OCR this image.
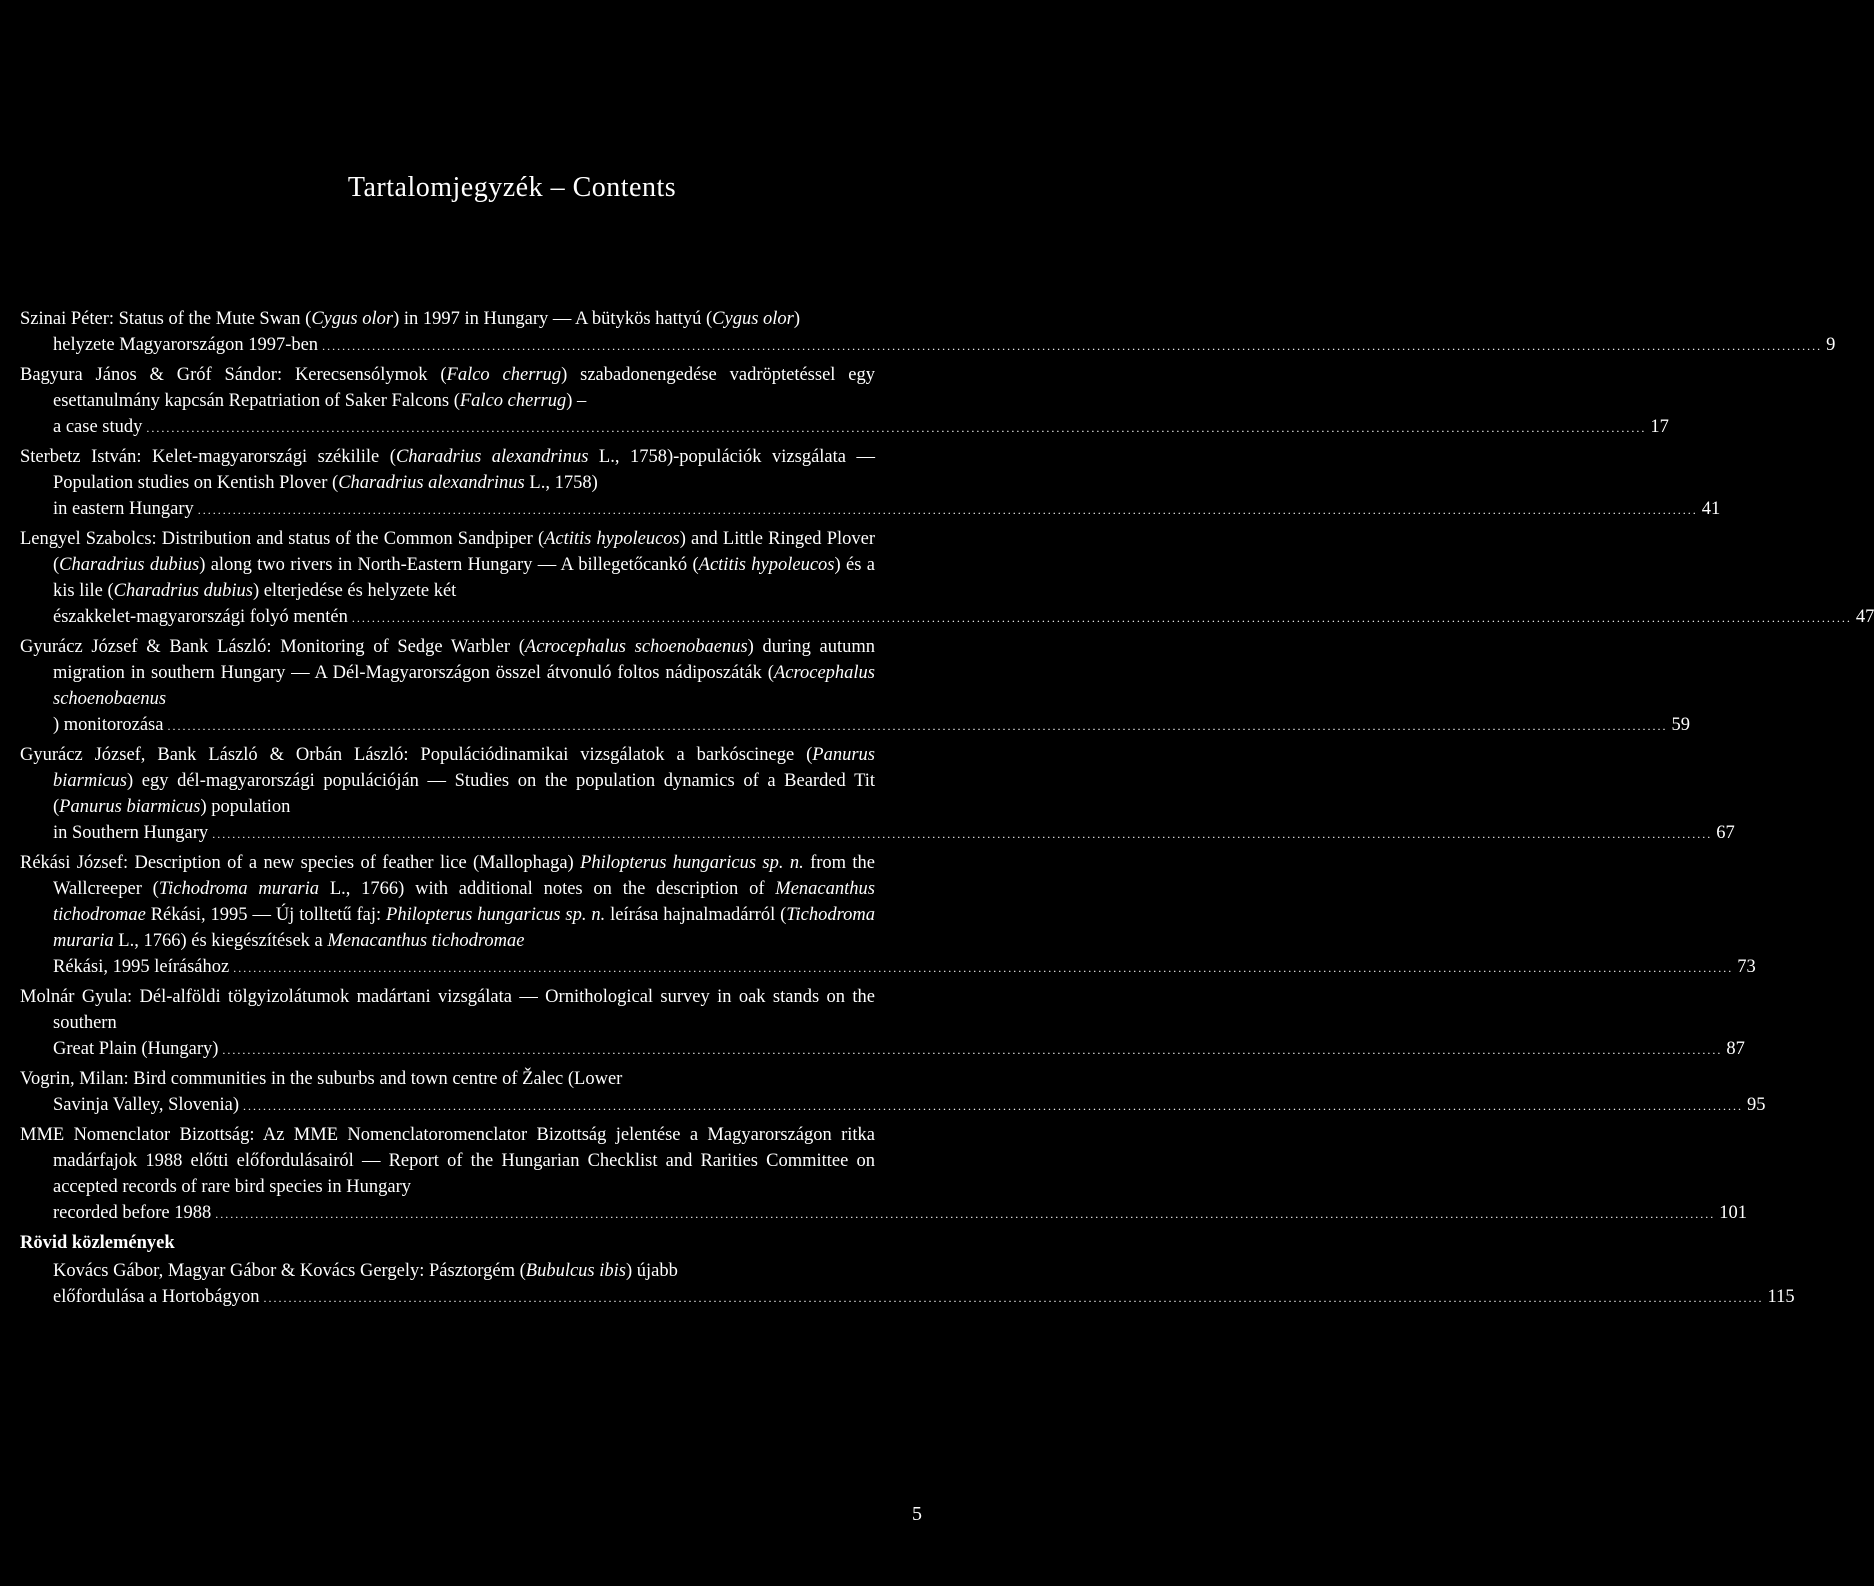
Tartalomjegyzék – Contents
Szinai Péter: Status of the Mute Swan (Cygus olor) in 1997 in Hungary — A bütykös hattyú (Cygus olor)
helyzete Magyarországon 1997-ben ............................................................................................................................................................................................................................................................................................................ 9
Bagyura János & Gróf Sándor: Kerecsensólymok (Falco cherrug) szabadonengedése vadröptetéssel egy esettanulmány kapcsán Repatriation of Saker Falcons (Falco cherrug) –
a case study ............................................................................................................................................................................................................................................................................................................ 17
Sterbetz István: Kelet-magyarországi székilile (Charadrius alexandrinus L., 1758)-populációk vizsgálata — Population studies on Kentish Plover (Charadrius alexandrinus L., 1758)
in eastern Hungary ............................................................................................................................................................................................................................................................................................................ 41
Lengyel Szabolcs: Distribution and status of the Common Sandpiper (Actitis hypoleucos) and Little Ringed Plover (Charadrius dubius) along two rivers in North-Eastern Hungary — A billegetőcankó (Actitis hypoleucos) és a kis lile (Charadrius dubius) elterjedése és helyzete két
északkelet-magyarországi folyó mentén ............................................................................................................................................................................................................................................................................................................ 47
Gyurácz József & Bank László: Monitoring of Sedge Warbler (Acrocephalus schoenobaenus) during autumn migration in southern Hungary — A Dél-Magyarországon összel átvonuló foltos nádiposzáták (Acrocephalus schoenobaenus
) monitorozása ............................................................................................................................................................................................................................................................................................................ 59
Gyurácz József, Bank László & Orbán László: Populációdinamikai vizsgálatok a barkóscinege (Panurus biarmicus) egy dél-magyarországi populációján — Studies on the population dynamics of a Bearded Tit (Panurus biarmicus) population
in Southern Hungary ............................................................................................................................................................................................................................................................................................................ 67
Rékási József: Description of a new species of feather lice (Mallophaga) Philopterus hungaricus sp. n. from the Wallcreeper (Tichodroma muraria L., 1766) with additional notes on the description of Menacanthus tichodromae Rékási, 1995 — Új tolltetű faj: Philopterus hungaricus sp. n. leírása hajnalmadárról (Tichodroma muraria L., 1766) és kiegészítések a Menacanthus tichodromae
Rékási, 1995 leírásához ............................................................................................................................................................................................................................................................................................................ 73
Molnár Gyula: Dél-alföldi tölgyizolátumok madártani vizsgálata — Ornithological survey in oak stands on the southern
Great Plain (Hungary) ............................................................................................................................................................................................................................................................................................................ 87
Vogrin, Milan: Bird communities in the suburbs and town centre of Žalec (Lower
Savinja Valley, Slovenia) ............................................................................................................................................................................................................................................................................................................ 95
MME Nomenclator Bizottság: Az MME Nomenclatoromenclator Bizottság jelentése a Magyarországon ritka madárfajok 1988 előtti előfordulásairól — Report of the Hungarian Checklist and Rarities Committee on accepted records of rare bird species in Hungary
recorded before 1988 ............................................................................................................................................................................................................................................................................................................ 101
Rövid közlemények
Kovács Gábor, Magyar Gábor & Kovács Gergely: Pásztorgém (Bubulcus ibis) újabb
előfordulása a Hortobágyon ............................................................................................................................................................................................................................................................................................................ 115
5
